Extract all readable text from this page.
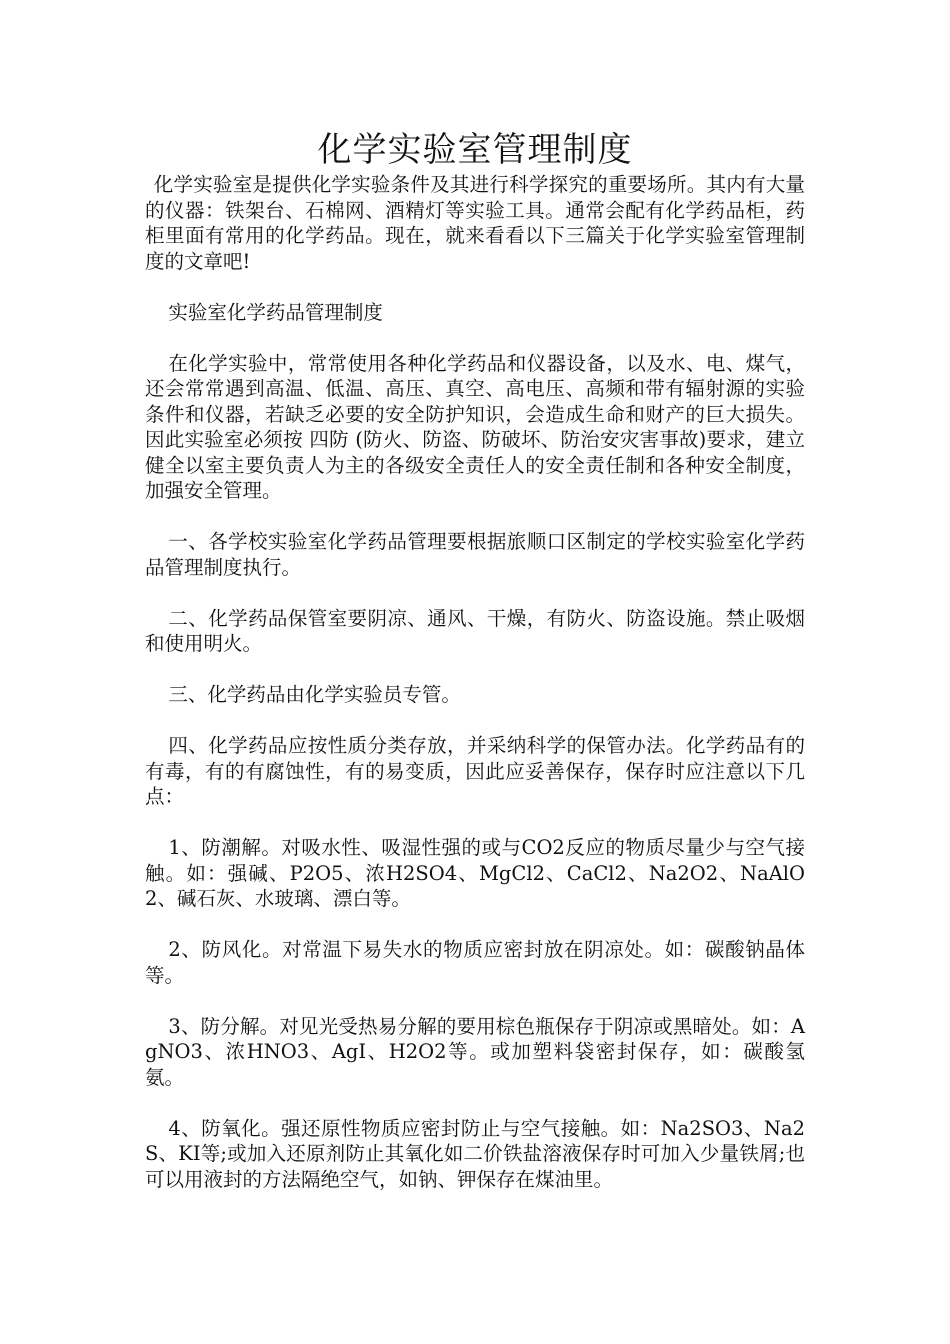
化学实验室管理制度

化学实验室是提供化学实验条件及其进行科学探究的重要场所。其内有大量的仪器：铁架台、石棉网、酒精灯等实验工具。通常会配有化学药品柜，药柜里面有常用的化学药品。现在，就来看看以下三篇关于化学实验室管理制度的文章吧!

实验室化学药品管理制度

在化学实验中，常常使用各种化学药品和仪器设备，以及水、电、煤气，还会常常遇到高温、低温、高压、真空、高电压、高频和带有辐射源的实验条件和仪器，若缺乏必要的安全防护知识，会造成生命和财产的巨大损失。因此实验室必须按 四防 (防火、防盗、防破坏、防治安灾害事故)要求，建立健全以室主要负责人为主的各级安全责任人的安全责任制和各种安全制度，加强安全管理。

一、各学校实验室化学药品管理要根据旅顺口区制定的学校实验室化学药品管理制度执行。

二、化学药品保管室要阴凉、通风、干燥，有防火、防盗设施。禁止吸烟和使用明火。

三、化学药品由化学实验员专管。

四、化学药品应按性质分类存放，并采纳科学的保管办法。化学药品有的有毒，有的有腐蚀性，有的易变质，因此应妥善保存，保存时应注意以下几点：

1、防潮解。对吸水性、吸湿性强的或与CO2反应的物质尽量少与空气接触。如：强碱、P2O5、浓H2SO4、MgCl2、CaCl2、Na2O2、NaAlO2、碱石灰、水玻璃、漂白等。

2、防风化。对常温下易失水的物质应密封放在阴凉处。如：碳酸钠晶体等。

3、防分解。对见光受热易分解的要用棕色瓶保存于阴凉或黑暗处。如：AgNO3、浓HNO3、AgI、H2O2等。或加塑料袋密封保存，如：碳酸氢氨。

4、防氧化。强还原性物质应密封防止与空气接触。如：Na2SO3、Na2S、KI等;或加入还原剂防止其氧化如二价铁盐溶液保存时可加入少量铁屑;也可以用液封的方法隔绝空气，如钠、钾保存在煤油里。
